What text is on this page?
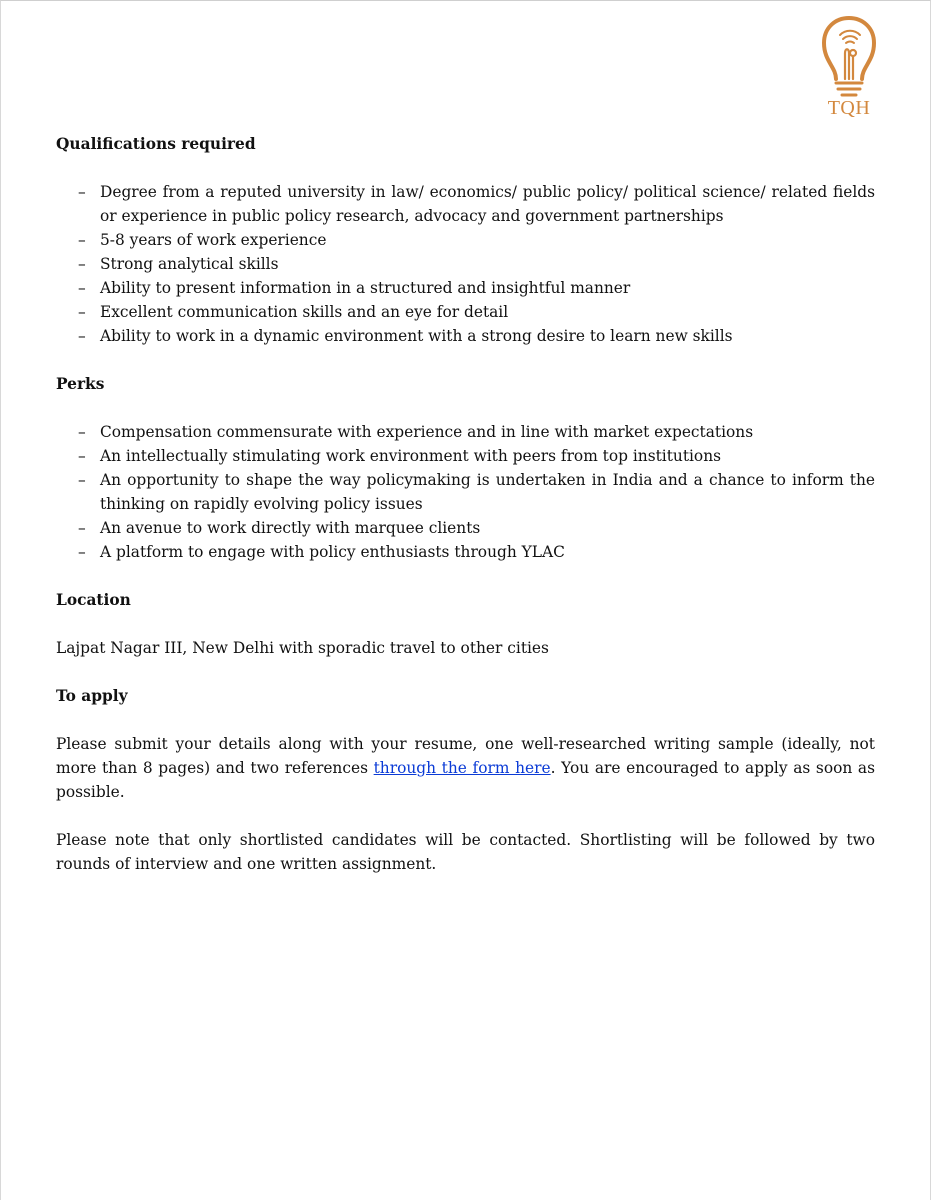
TQH
Qualifications required
– Degree from a reputed university in law/ economics/ public policy/ political science/ related fields or experience in public policy research, advocacy and government partnerships
– 5-8 years of work experience
– Strong analytical skills
– Ability to present information in a structured and insightful manner
– Excellent communication skills and an eye for detail
– Ability to work in a dynamic environment with a strong desire to learn new skills
Perks
– Compensation commensurate with experience and in line with market expectations
– An intellectually stimulating work environment with peers from top institutions
– An opportunity to shape the way policymaking is undertaken in India and a chance to inform the thinking on rapidly evolving policy issues
– An avenue to work directly with marquee clients
– A platform to engage with policy enthusiasts through YLAC
Location

Lajpat Nagar III, New Delhi with sporadic travel to other cities

To apply

Please submit your details along with your resume, one well-researched writing sample (ideally, not more than 8 pages) and two references through the form here. You are encouraged to apply as soon as possible.

Please note that only shortlisted candidates will be contacted. Shortlisting will be followed by two rounds of interview and one written assignment.
